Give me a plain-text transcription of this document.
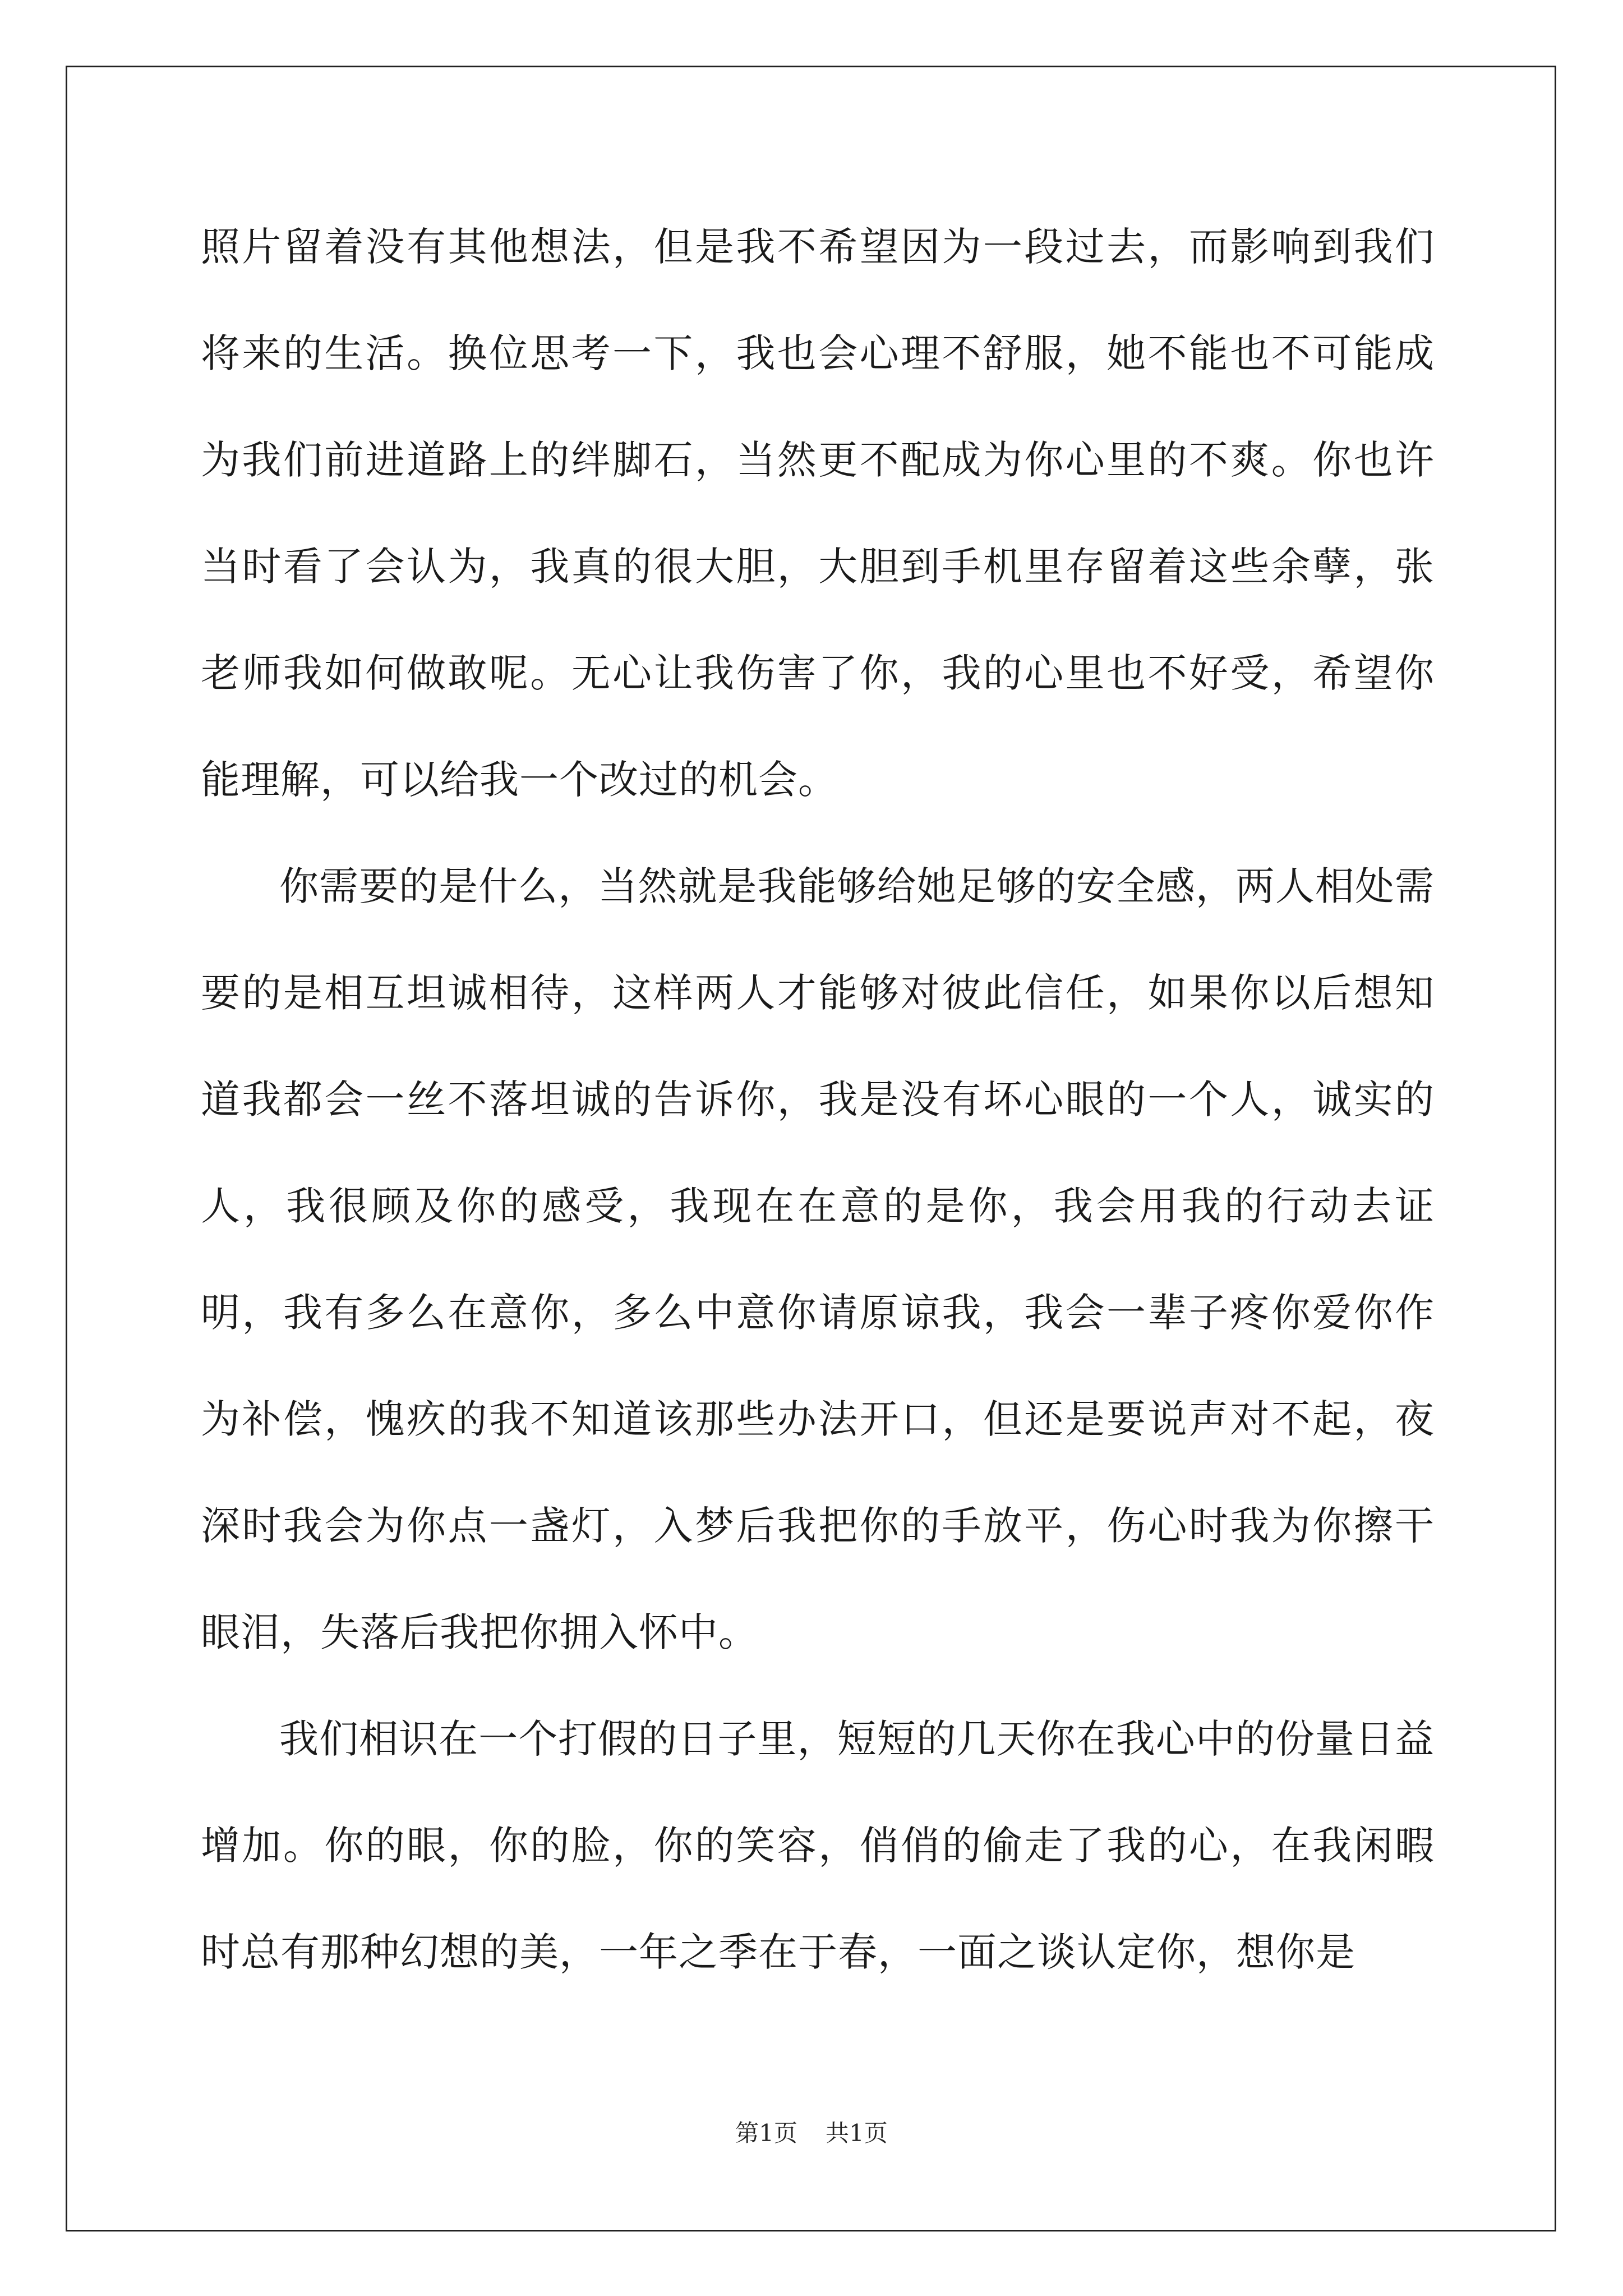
照片留着没有其他想法，但是我不希望因为一段过去，而影响到我们将来的生活。换位思考一下，我也会心理不舒服，她不能也不可能成为我们前进道路上的绊脚石，当然更不配成为你心里的不爽。你也许当时看了会认为，我真的很大胆，大胆到手机里存留着这些余孽，张老师我如何做敢呢。无心让我伤害了你，我的心里也不好受，希望你能理解，可以给我一个改过的机会。

你需要的是什么，当然就是我能够给她足够的安全感，两人相处需要的是相互坦诚相待，这样两人才能够对彼此信任，如果你以后想知道我都会一丝不落坦诚的告诉你，我是没有坏心眼的一个人，诚实的人，我很顾及你的感受，我现在在意的是你，我会用我的行动去证明，我有多么在意你，多么中意你请原谅我，我会一辈子疼你爱你作为补偿，愧疚的我不知道该那些办法开口，但还是要说声对不起，夜深时我会为你点一盏灯，入梦后我把你的手放平，伤心时我为你擦干眼泪，失落后我把你拥入怀中。

我们相识在一个打假的日子里，短短的几天你在我心中的份量日益增加。你的眼，你的脸，你的笑容，俏俏的偷走了我的心，在我闲暇时总有那种幻想的美，一年之季在于春，一面之谈认定你，想你是

第1页 共1页
